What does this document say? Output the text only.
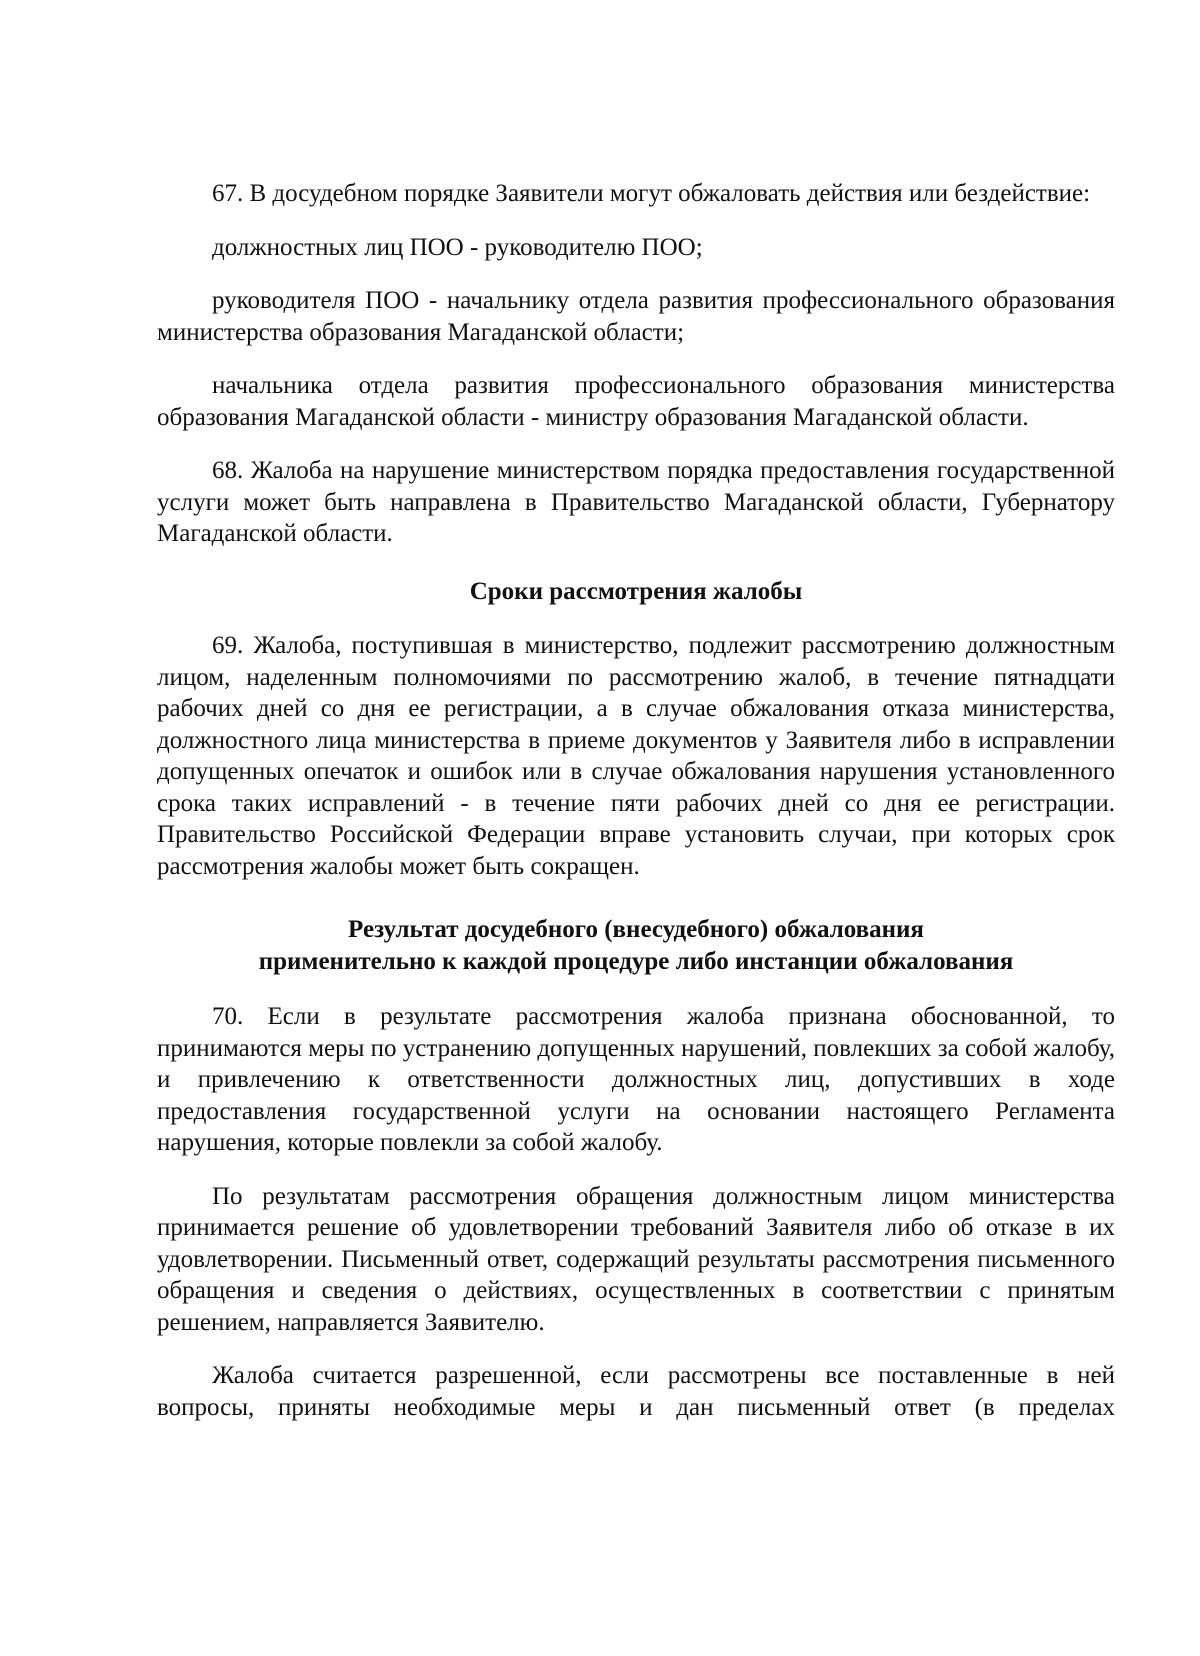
67. В досудебном порядке Заявители могут обжаловать действия или бездействие:

должностных лиц ПОО - руководителю ПОО;

руководителя ПОО - начальнику отдела развития профессионального образования министерства образования Магаданской области;

начальника отдела развития профессионального образования министерства образования Магаданской области - министру образования Магаданской области.

68. Жалоба на нарушение министерством порядка предоставления государственной услуги может быть направлена в Правительство Магаданской области, Губернатору Магаданской области.

Сроки рассмотрения жалобы

69. Жалоба, поступившая в министерство, подлежит рассмотрению должностным лицом, наделенным полномочиями по рассмотрению жалоб, в течение пятнадцати рабочих дней со дня ее регистрации, а в случае обжалования отказа министерства, должностного лица министерства в приеме документов у Заявителя либо в исправлении допущенных опечаток и ошибок или в случае обжалования нарушения установленного срока таких исправлений - в течение пяти рабочих дней со дня ее регистрации. Правительство Российской Федерации вправе установить случаи, при которых срок рассмотрения жалобы может быть сокращен.

Результат досудебного (внесудебного) обжалования
применительно к каждой процедуре либо инстанции обжалования

70. Если в результате рассмотрения жалоба признана обоснованной, то принимаются меры по устранению допущенных нарушений, повлекших за собой жалобу, и привлечению к ответственности должностных лиц, допустивших в ходе предоставления государственной услуги на основании настоящего Регламента нарушения, которые повлекли за собой жалобу.

По результатам рассмотрения обращения должностным лицом министерства принимается решение об удовлетворении требований Заявителя либо об отказе в их удовлетворении. Письменный ответ, содержащий результаты рассмотрения письменного обращения и сведения о действиях, осуществленных в соответствии с принятым решением, направляется Заявителю.

Жалоба считается разрешенной, если рассмотрены все поставленные в ней вопросы, приняты необходимые меры и дан письменный ответ (в пределах
